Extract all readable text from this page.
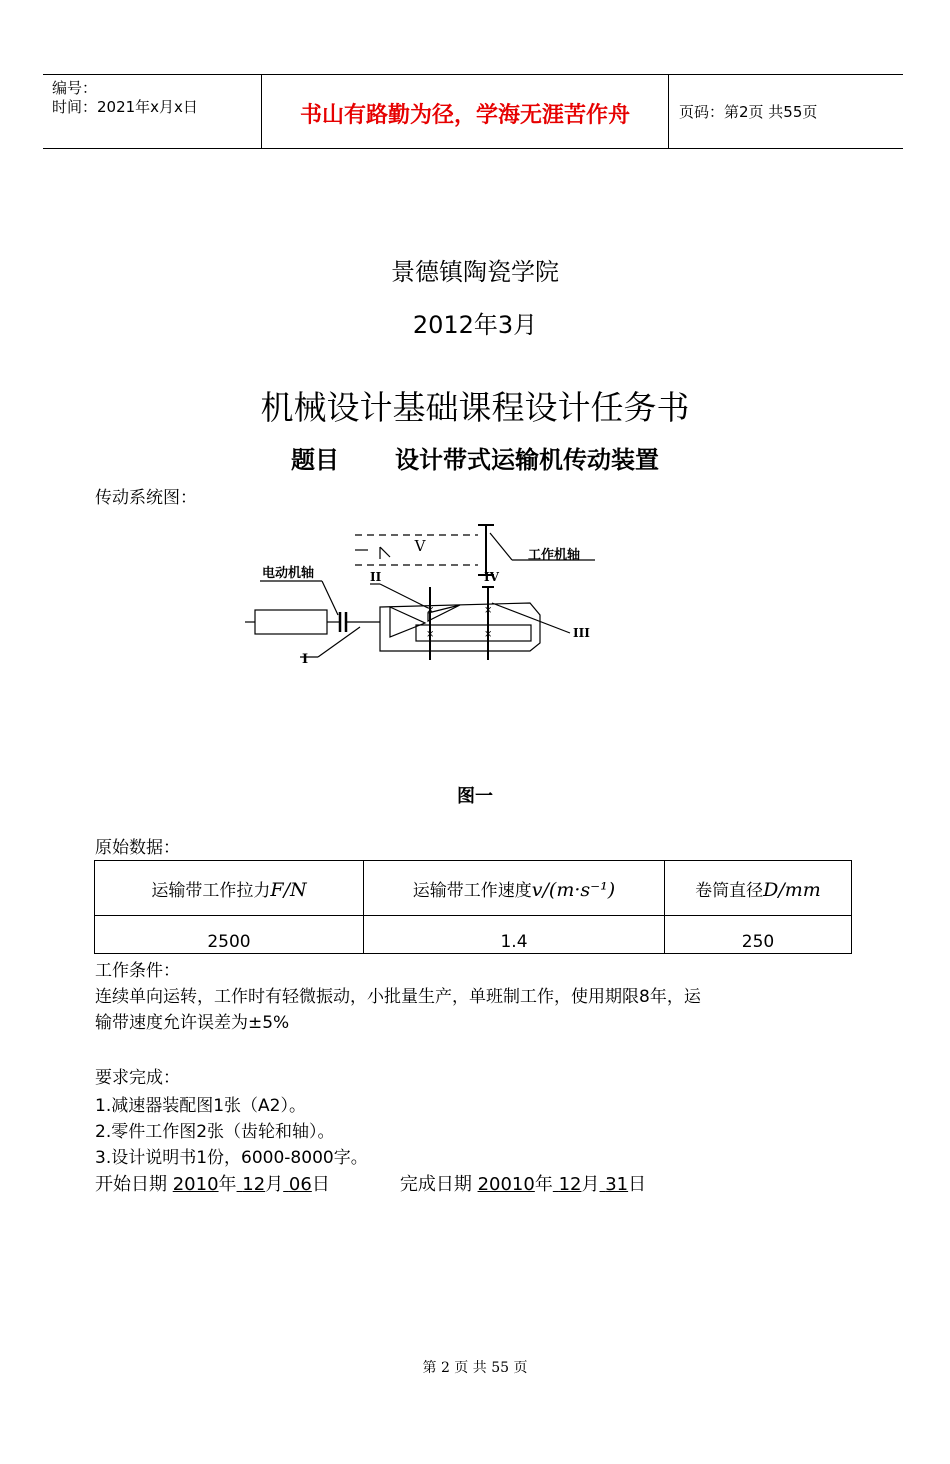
编号：
时间：2021年x月x日	书山有路勤为径，学海无涯苦作舟	页码：第2页 共55页
景德镇陶瓷学院
2012年3月
机械设计基础课程设计任务书
题目 设计带式运输机传动装置
传动系统图：
V
工作机轴
电动机轴
×
×
×
×
IV
II
I
III
图一
原始数据：
运输带工作拉力F/N	运输带工作速度v/(m·s⁻¹)	卷筒直径D/mm
2500	1.4	250
工作条件：
连续单向运转，工作时有轻微振动，小批量生产，单班制工作，使用期限8年，运
输带速度允许误差为±5%
要求完成：
1.减速器装配图1张（A2）。
2.零件工作图2张（齿轮和轴）。
3.设计说明书1份，6000-8000字。
开始日期 2010年 12月 06日	完成日期 20010年 12月 31日
第 2 页 共 55 页
